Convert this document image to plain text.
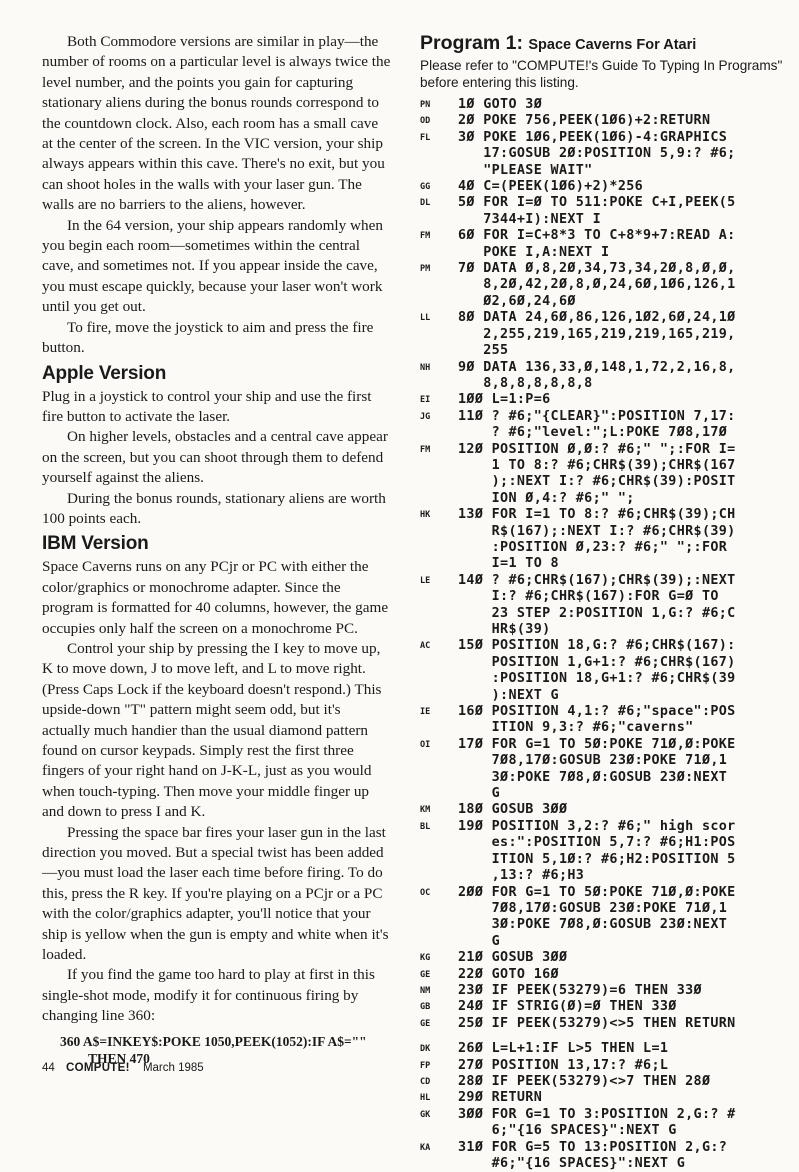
Both Commodore versions are similar in play—the number of rooms on a particular level is always twice the level number, and the points you gain for capturing stationary aliens during the bonus rounds correspond to the countdown clock. Also, each room has a small cave at the center of the screen. In the VIC version, your ship always appears within this cave. There's no exit, but you can shoot holes in the walls with your laser gun. The walls are no barriers to the aliens, however.

In the 64 version, your ship appears randomly when you begin each room—sometimes within the central cave, and sometimes not. If you appear inside the cave, you must escape quickly, because your laser won't work until you get out.

To fire, move the joystick to aim and press the fire button.

Apple Version

Plug in a joystick to control your ship and use the first fire button to activate the laser.

On higher levels, obstacles and a central cave appear on the screen, but you can shoot through them to defend yourself against the aliens.

During the bonus rounds, stationary aliens are worth 100 points each.

IBM Version

Space Caverns runs on any PCjr or PC with either the color/graphics or monochrome adapter. Since the program is formatted for 40 columns, however, the game occupies only half the screen on a monochrome PC.

Control your ship by pressing the I key to move up, K to move down, J to move left, and L to move right. (Press Caps Lock if the keyboard doesn't respond.) This upside-down "T" pattern might seem odd, but it's actually much handier than the usual diamond pattern found on cursor keypads. Simply rest the first three fingers of your right hand on J-K-L, just as you would when touch-typing. Then move your middle finger up and down to press I and K.

Pressing the space bar fires your laser gun in the last direction you moved. But a special twist has been added—you must load the laser each time before firing. To do this, press the R key. If you're playing on a PCjr or a PC with the color/graphics adapter, you'll notice that your ship is yellow when the gun is empty and white when it's loaded.

If you find the game too hard to play at first in this single-shot mode, modify it for continuous firing by changing line 360:

360 A$=INKEY$:POKE 1050,PEEK(1052):IF A$=""
THEN 470
Program 1: Space Caverns For Atari
Please refer to "COMPUTE!'s Guide To Typing In Programs" before entering this listing.
PN 1Ø GOTO 3Ø
OD 2Ø POKE 756,PEEK(1Ø6)+2:RETURN
FL 3Ø POKE 1Ø6,PEEK(1Ø6)-4:GRAPHICS
17:GOSUB 2Ø:POSITION 5,9:? #6;
"PLEASE WAIT"
GG 4Ø C=(PEEK(1Ø6)+2)*256
DL 5Ø FOR I=Ø TO 511:POKE C+I,PEEK(5
7344+I):NEXT I
FM 6Ø FOR I=C+8*3 TO C+8*9+7:READ A:
POKE I,A:NEXT I
PM 7Ø DATA Ø,8,2Ø,34,73,34,2Ø,8,Ø,Ø,
8,2Ø,42,2Ø,8,Ø,24,6Ø,1Ø6,126,1
Ø2,6Ø,24,6Ø
LL 8Ø DATA 24,6Ø,86,126,1Ø2,6Ø,24,1Ø
2,255,219,165,219,219,165,219,
255
NH 9Ø DATA 136,33,Ø,148,1,72,2,16,8,
8,8,8,8,8,8,8
EI 1ØØ L=1:P=6
JG 11Ø ? #6;"{CLEAR}":POSITION 7,17:
? #6;"level:";L:POKE 7Ø8,17Ø
FM 12Ø POSITION Ø,Ø:? #6;" ";:FOR I=
1 TO 8:? #6;CHR$(39);CHR$(167
);:NEXT I:? #6;CHR$(39):POSIT
ION Ø,4:? #6;" ";
HK 13Ø FOR I=1 TO 8:? #6;CHR$(39);CH
R$(167);:NEXT I:? #6;CHR$(39)
:POSITION Ø,23:? #6;" ";:FOR
I=1 TO 8
LE 14Ø ? #6;CHR$(167);CHR$(39);:NEXT
I:? #6;CHR$(167):FOR G=Ø TO
23 STEP 2:POSITION 1,G:? #6;C
HR$(39)
AC 15Ø POSITION 18,G:? #6;CHR$(167):
POSITION 1,G+1:? #6;CHR$(167)
:POSITION 18,G+1:? #6;CHR$(39
):NEXT G
IE 16Ø POSITION 4,1:? #6;"space":POS
ITION 9,3:? #6;"caverns"
OI 17Ø FOR G=1 TO 5Ø:POKE 71Ø,Ø:POKE
7Ø8,17Ø:GOSUB 23Ø:POKE 71Ø,1
3Ø:POKE 7Ø8,Ø:GOSUB 23Ø:NEXT
G
KM 18Ø GOSUB 3ØØ
BL 19Ø POSITION 3,2:? #6;" high scor
es:":POSITION 5,7:? #6;H1:POS
ITION 5,1Ø:? #6;H2:POSITION 5
,13:? #6;H3
OC 2ØØ FOR G=1 TO 5Ø:POKE 71Ø,Ø:POKE
7Ø8,17Ø:GOSUB 23Ø:POKE 71Ø,1
3Ø:POKE 7Ø8,Ø:GOSUB 23Ø:NEXT
G
KG 21Ø GOSUB 3ØØ
GE 22Ø GOTO 16Ø
NM 23Ø IF PEEK(53279)=6 THEN 33Ø
GB 24Ø IF STRIG(Ø)=Ø THEN 33Ø
GE 25Ø IF PEEK(53279)<>5 THEN RETURN
DK 26Ø L=L+1:IF L>5 THEN L=1
FP 27Ø POSITION 13,17:? #6;L
CD 28Ø IF PEEK(53279)<>7 THEN 28Ø
HL 29Ø RETURN
GK 3ØØ FOR G=1 TO 3:POSITION 2,G:? #
6;"{16 SPACES}":NEXT G
KA 31Ø FOR G=5 TO 13:POSITION 2,G:?
#6;"{16 SPACES}":NEXT G
44 COMPUTE! March 1985
